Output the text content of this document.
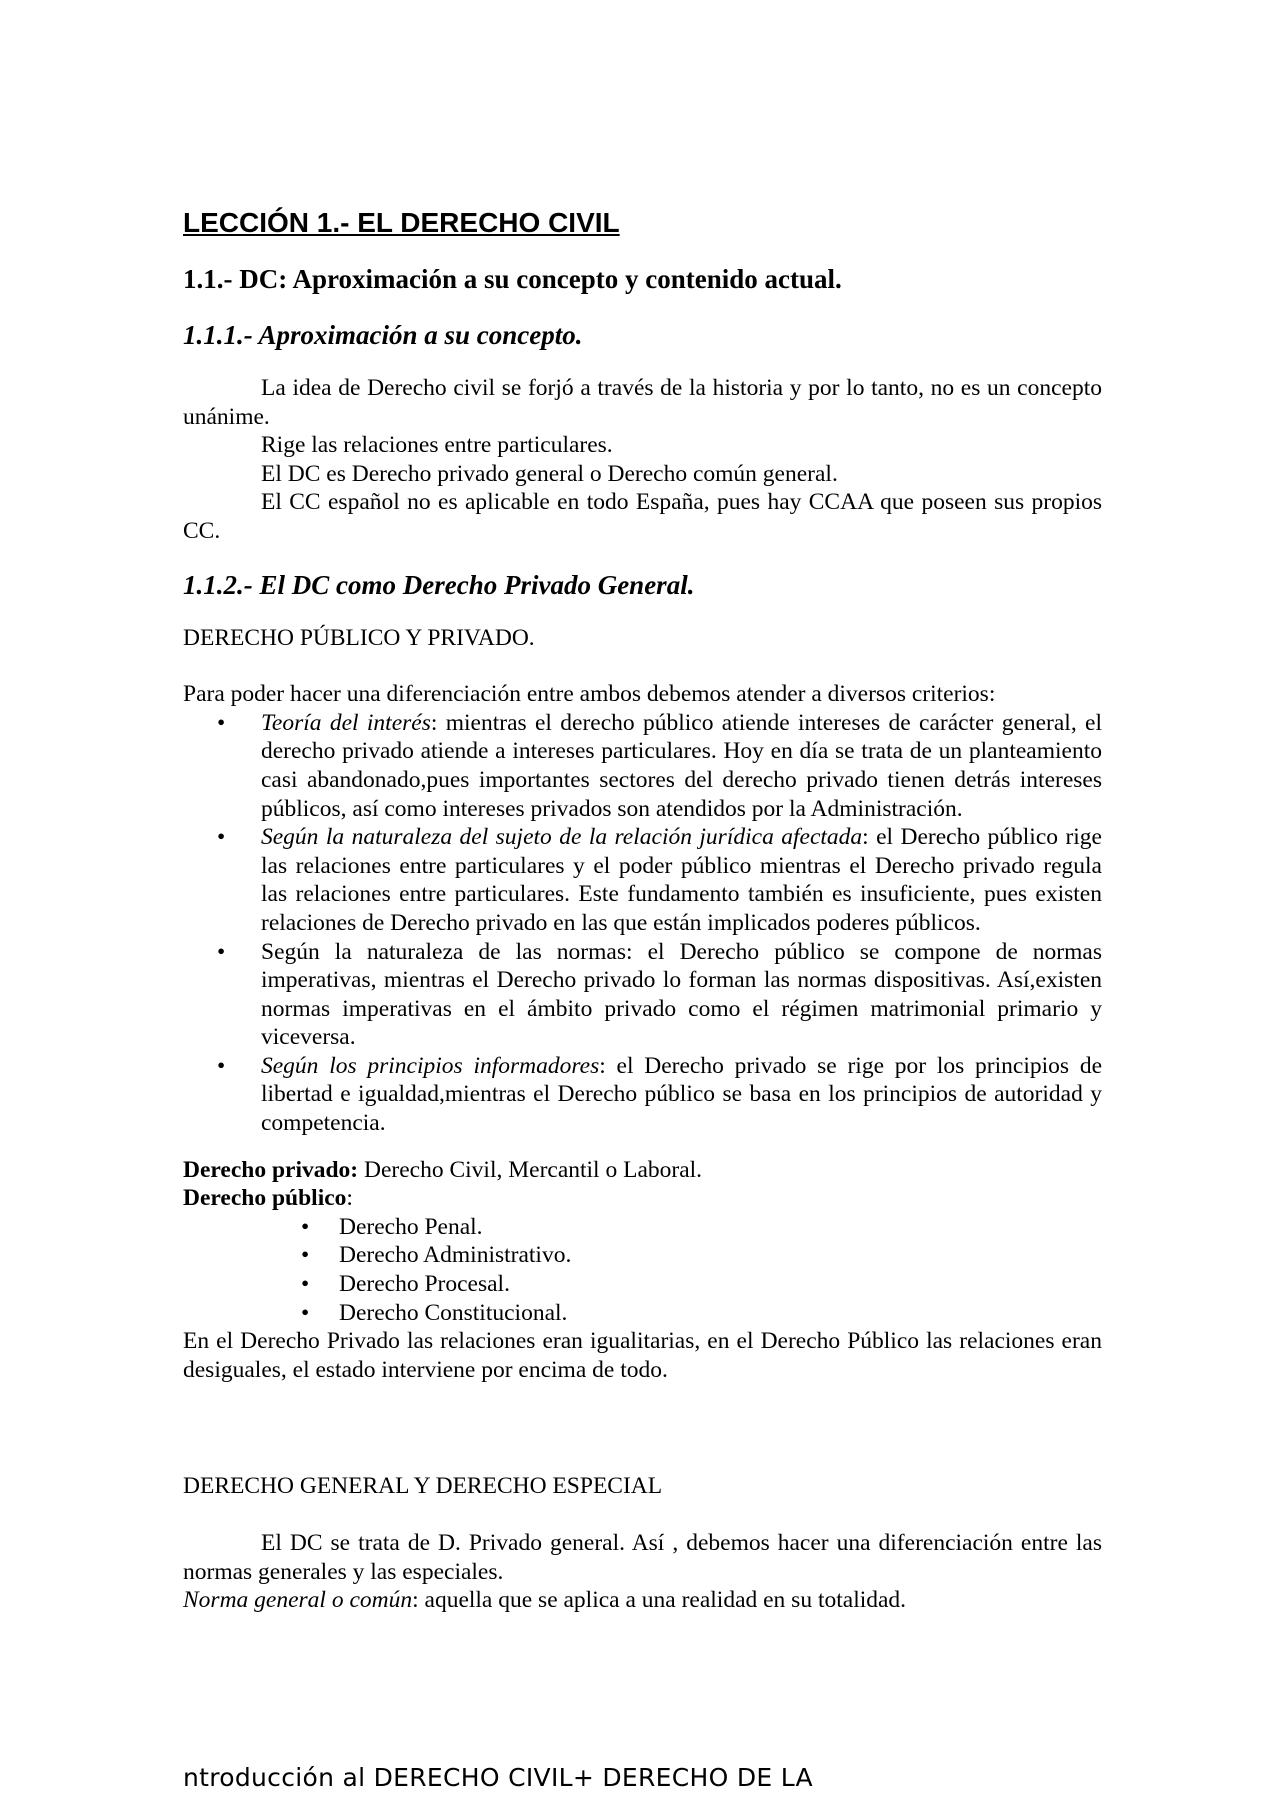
LECCIÓN 1.- EL DERECHO CIVIL
1.1.- DC: Aproximación a su concepto y contenido actual.
1.1.1.- Aproximación a su concepto.

La idea de Derecho civil se forjó a través de la historia y por lo tanto, no es un concepto unánime.

Rige las relaciones entre particulares.

El DC es Derecho privado general o Derecho común general.

El CC español no es aplicable en todo España, pues hay CCAA que poseen sus propios CC.

1.1.2.- El DC como Derecho Privado General.

DERECHO PÚBLICO Y PRIVADO.

Para poder hacer una diferenciación entre ambos debemos atender a diversos criterios:

• Teoría del interés: mientras el derecho público atiende intereses de carácter general, el derecho privado atiende a intereses particulares. Hoy en día se trata de un planteamiento casi abandonado,pues importantes sectores del derecho privado tienen detrás intereses públicos, así como intereses privados son atendidos por la Administración.
• Según la naturaleza del sujeto de la relación jurídica afectada: el Derecho público rige las relaciones entre particulares y el poder público mientras el Derecho privado regula las relaciones entre particulares. Este fundamento también es insuficiente, pues existen relaciones de Derecho privado en las que están implicados poderes públicos.
• Según la naturaleza de las normas: el Derecho público se compone de normas imperativas, mientras el Derecho privado lo forman las normas dispositivas. Así,existen normas imperativas en el ámbito privado como el régimen matrimonial primario y viceversa.
• Según los principios informadores: el Derecho privado se rige por los principios de libertad e igualdad,mientras el Derecho público se basa en los principios de autoridad y competencia.

Derecho privado: Derecho Civil, Mercantil o Laboral.

Derecho público:

• Derecho Penal.
• Derecho Administrativo.
• Derecho Procesal.
• Derecho Constitucional.

En el Derecho Privado las relaciones eran igualitarias, en el Derecho Público las relaciones eran desiguales, el estado interviene por encima de todo.

DERECHO GENERAL Y DERECHO ESPECIAL

El DC se trata de D. Privado general. Así , debemos hacer una diferenciación entre las normas generales y las especiales.

Norma general o común: aquella que se aplica a una realidad en su totalidad.

ntroducción al DERECHO CIVIL+ DERECHO DE LA
